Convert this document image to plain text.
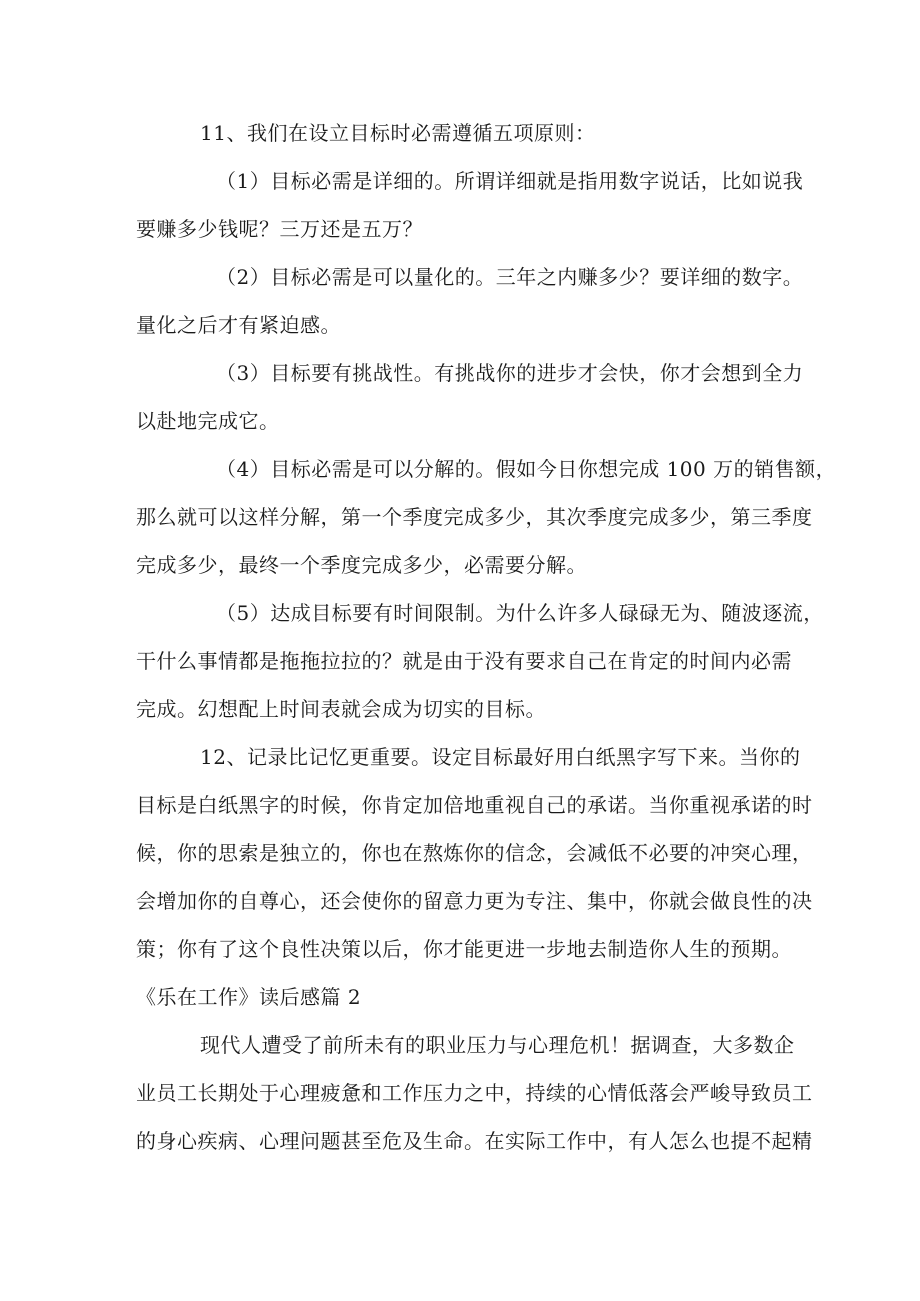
11、我们在设立目标时必需遵循五项原则：
（1）目标必需是详细的。所谓详细就是指用数字说话，比如说我
要赚多少钱呢？三万还是五万？
（2）目标必需是可以量化的。三年之内赚多少？要详细的数字。
量化之后才有紧迫感。
（3）目标要有挑战性。有挑战你的进步才会快，你才会想到全力
以赴地完成它。
（4）目标必需是可以分解的。假如今日你想完成 100 万的销售额，
那么就可以这样分解，第一个季度完成多少，其次季度完成多少，第三季度
完成多少，最终一个季度完成多少，必需要分解。
（5）达成目标要有时间限制。为什么许多人碌碌无为、随波逐流，
干什么事情都是拖拖拉拉的？就是由于没有要求自己在肯定的时间内必需
完成。幻想配上时间表就会成为切实的目标。
12、记录比记忆更重要。设定目标最好用白纸黑字写下来。当你的
目标是白纸黑字的时候，你肯定加倍地重视自己的承诺。当你重视承诺的时
候，你的思索是独立的，你也在熬炼你的信念，会减低不必要的冲突心理，
会增加你的自尊心，还会使你的留意力更为专注、集中，你就会做良性的决
策；你有了这个良性决策以后，你才能更进一步地去制造你人生的预期。
《乐在工作》读后感篇 2
现代人遭受了前所未有的职业压力与心理危机！据调查，大多数企
业员工长期处于心理疲惫和工作压力之中，持续的心情低落会严峻导致员工
的身心疾病、心理问题甚至危及生命。在实际工作中，有人怎么也提不起精
